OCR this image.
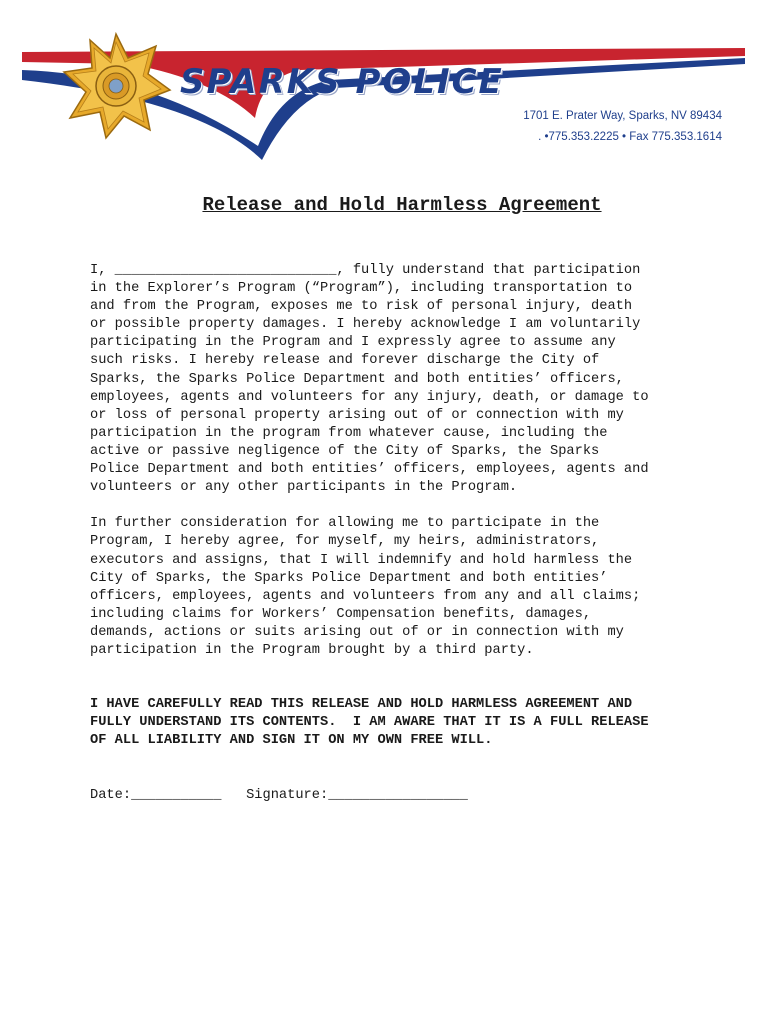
SPARKS POLICE
1701 E. Prater Way, Sparks, NV 89434
. •775.353.2225 • Fax 775.353.1614
Release and Hold Harmless Agreement
I, ___________________________, fully understand that participation
in the Explorer’s Program (“Program”), including transportation to
and from the Program, exposes me to risk of personal injury, death
or possible property damages. I hereby acknowledge I am voluntarily
participating in the Program and I expressly agree to assume any
such risks. I hereby release and forever discharge the City of
Sparks, the Sparks Police Department and both entities’ officers,
employees, agents and volunteers for any injury, death, or damage to
or loss of personal property arising out of or connection with my
participation in the program from whatever cause, including the
active or passive negligence of the City of Sparks, the Sparks
Police Department and both entities’ officers, employees, agents and
volunteers or any other participants in the Program.
In further consideration for allowing me to participate in the
Program, I hereby agree, for myself, my heirs, administrators,
executors and assigns, that I will indemnify and hold harmless the
City of Sparks, the Sparks Police Department and both entities’
officers, employees, agents and volunteers from any and all claims;
including claims for Workers’ Compensation benefits, damages,
demands, actions or suits arising out of or in connection with my
participation in the Program brought by a third party.
I HAVE CAREFULLY READ THIS RELEASE AND HOLD HARMLESS AGREEMENT AND
FULLY UNDERSTAND ITS CONTENTS.  I AM AWARE THAT IT IS A FULL RELEASE
OF ALL LIABILITY AND SIGN IT ON MY OWN FREE WILL.
Date:___________   Signature:_________________
